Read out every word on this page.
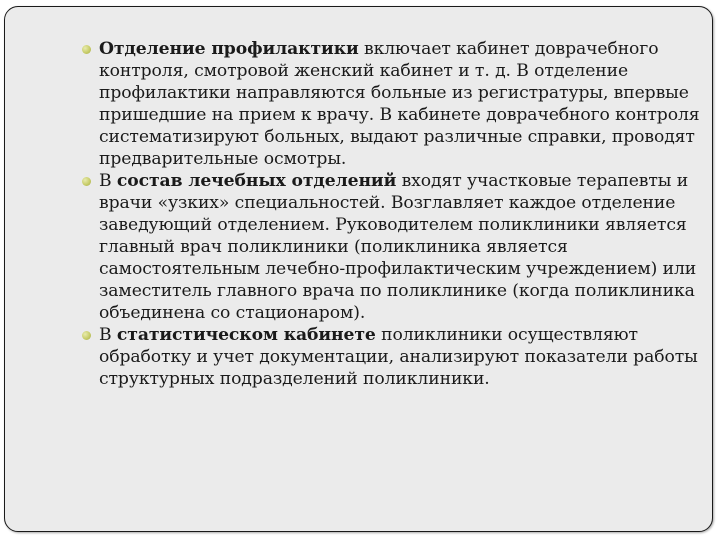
Отделение профилактики включает кабинет доврачебного контроля, смотровой женский кабинет и т. д. В отделение профилактики направляются больные из регистратуры, впервые пришедшие на прием к врачу. В кабинете доврачебного контроля систематизируют больных, выдают различные справки, проводят предварительные осмотры.
В состав лечебных отделений входят участковые терапевты и врачи «узких» специальностей. Возглавляет каждое отделение заведующий отделением. Руководителем поликлиники является главный врач поликлиники (поликлиника является самостоятельным лечебно-профилактическим учреждением) или заместитель главного врача по поликлинике (когда поликлиника объединена со стационаром).
В статистическом кабинете поликлиники осуществляют обработку и учет документации, анализируют показатели работы структурных подразделений поликлиники.
